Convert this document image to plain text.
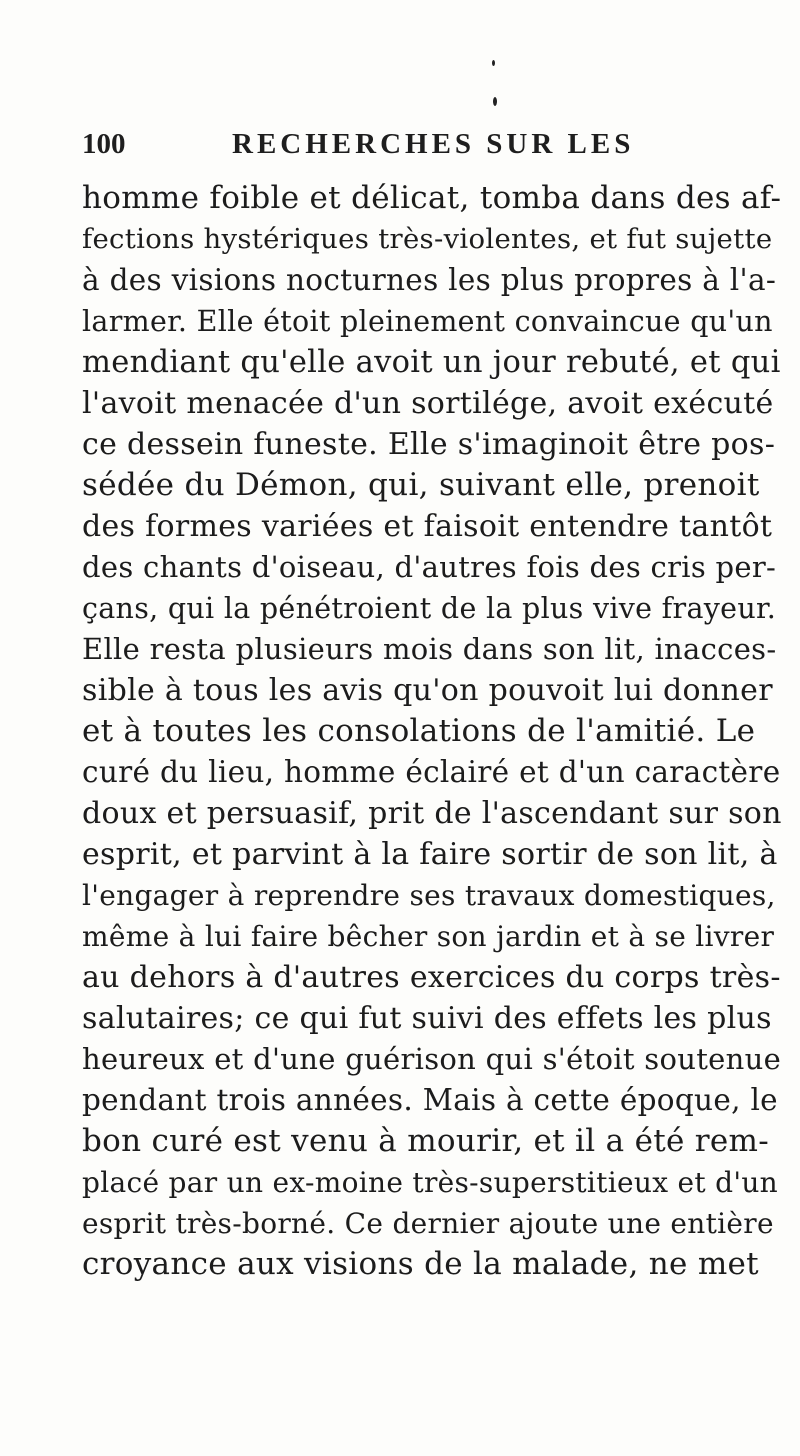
100	RECHERCHES SUR LES
homme foible et délicat, tomba dans des af-
fections hystériques très-violentes, et fut sujette
à des visions nocturnes les plus propres à l'a-
larmer. Elle étoit pleinement convaincue qu'un
mendiant qu'elle avoit un jour rebuté, et qui
l'avoit menacée d'un sortilége, avoit exécuté
ce dessein funeste. Elle s'imaginoit être pos-
sédée du Démon, qui, suivant elle, prenoit
des formes variées et faisoit entendre tantôt
des chants d'oiseau, d'autres fois des cris per-
çans, qui la pénétroient de la plus vive frayeur.
Elle resta plusieurs mois dans son lit, inacces-
sible à tous les avis qu'on pouvoit lui donner
et à toutes les consolations de l'amitié. Le
curé du lieu, homme éclairé et d'un caractère
doux et persuasif, prit de l'ascendant sur son
esprit, et parvint à la faire sortir de son lit, à
l'engager à reprendre ses travaux domestiques,
même à lui faire bêcher son jardin et à se livrer
au dehors à d'autres exercices du corps très-
salutaires; ce qui fut suivi des effets les plus
heureux et d'une guérison qui s'étoit soutenue
pendant trois années. Mais à cette époque, le
bon curé est venu à mourir, et il a été rem-
placé par un ex-moine très-superstitieux et d'un
esprit très-borné. Ce dernier ajoute une entière
croyance aux visions de la malade, ne met
